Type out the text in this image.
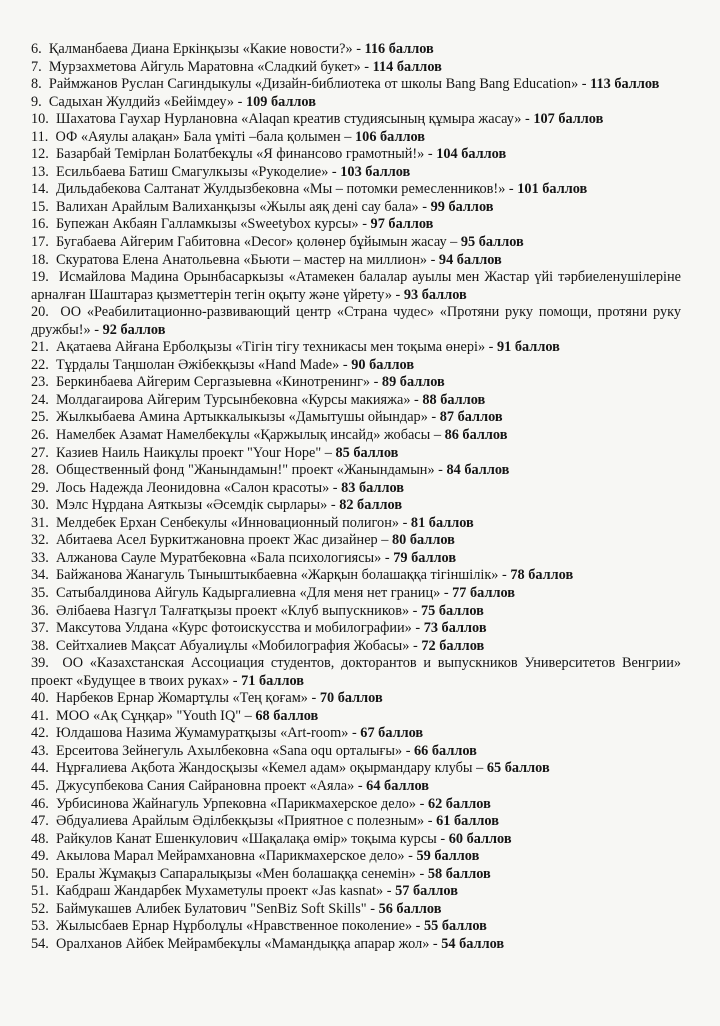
6. Қалманбаева Диана Еркінқызы «Какие новости?» - 116 баллов
7. Мурзахметова Айгуль Маратовна «Сладкий букет» - 114 баллов
8. Раймжанов Руслан Сагиндыкулы «Дизайн-библиотека от школы Bang Bang Education» - 113 баллов
9. Садыхан Жулдийз «Бейімдеу» - 109 баллов
10. Шахатова Гаухар Нурлановна «Alaqan креатив студиясының құмыра жасау» - 107 баллов
11. ОФ «Аяулы алақан» Бала үміті –бала қолымен – 106 баллов
12. Базарбай Темірлан Болатбекұлы «Я финансово грамотный!» - 104 баллов
13. Есильбаева Батиш Смагулкызы «Рукоделие» - 103 баллов
14. Дильдабекова Салтанат Жулдызбековна «Мы – потомки ремесленников!» - 101 баллов
15. Валихан Арайлым Валиханқызы «Жылы аяқ дені сау бала» - 99 баллов
16. Бупежан Акбаян Галламкызы «Sweetybox курсы» - 97 баллов
17. Бугабаева Айгерим Габитовна «Decor» қолөнер бұйымын жасау – 95 баллов
18. Скуратова Елена Анатольевна «Бьюти – мастер на миллион» - 94 баллов
19. Исмайлова Мадина Орынбасаркызы «Атамекен балалар ауылы мен Жастар үйі тәрбиеленушілеріне арналған Шаштараз қызметтерін тегін оқыту және үйрету» - 93 баллов
20. ОО «Реабилитационно-развивающий центр «Страна чудес» «Протяни руку помощи, протяни руку дружбы!» - 92 баллов
21. Ақатаева Айғана Ерболқызы «Тігін тігу техникасы мен тоқыма өнері» - 91 баллов
22. Тұрдалы Таңшолан Әжібекқызы «Hand Made» - 90 баллов
23. Беркинбаева Айгерим Сергазыевна «Кинотренинг» - 89 баллов
24. Молдагаирова Айгерим Турсынбековна «Курсы макияжа» - 88 баллов
25. Жылкыбаева Амина Артыккалыкызы «Дамытушы ойындар» - 87 баллов
26. Намелбек Азамат Намелбекұлы «Қаржылық инсайд» жобасы – 86 баллов
27. Казиев Наиль Наикұлы проект "Your Hope" – 85 баллов
28. Общественный фонд "Жанындамын!" проект «Жанындамын» - 84 баллов
29. Лось Надежда Леонидовна «Салон красоты» - 83 баллов
30. Мэлс Нұрдана Аяткызы «Әсемдік сырлары» - 82 баллов
31. Мелдебек Ерхан Сенбекулы «Инновационный полигон» - 81 баллов
32. Абитаева Асел Буркитжановна проект Жас дизайнер – 80 баллов
33. Алжанова Сауле Муратбековна «Бала психологиясы» - 79 баллов
34. Байжанова Жанагуль Тыныштыкбаевна «Жарқын болашаққа тігіншілік» - 78 баллов
35. Сатыбалдинова Айгуль Кадыргалиевна «Для меня нет границ» - 77 баллов
36. Әлібаева Назгүл Талғатқызы проект «Клуб выпускников» - 75 баллов
37. Максутова Улдана «Курс фотоискусства и мобилографии» - 73 баллов
38. Сейтхалиев Мақсат Абуалиұлы «Мобилография Жобасы» - 72 баллов
39. ОО «Казахстанская Ассоциация студентов, докторантов и выпускников Университетов Венгрии» проект «Будущее в твоих руках» - 71 баллов
40. Нарбеков Ернар Жомартұлы «Тең қоғам» - 70 баллов
41. МОО «Ақ Сұңқар» "Youth IQ" – 68 баллов
42. Юлдашова Назима Жумамуратқызы «Art-room» - 67 баллов
43. Ерсеитова Зейнегуль Ахылбековна «Sana oqu орталығы» - 66 баллов
44. Нұрғалиева Ақбота Жандосқызы «Кемел адам» оқырмандару клубы – 65 баллов
45. Джусупбекова Сания Сайрановна проект «Аяла» - 64 баллов
46. Урбисинова Жайнагуль Урпековна «Парикмахерское дело» - 62 баллов
47. Әбдуалиева Арайлым Әділбекқызы «Приятное с полезным» - 61 баллов
48. Райкулов Канат Ешенкулович «Шақалақа өмір» тоқыма курсы - 60 баллов
49. Акылова Марал Мейрамхановна «Парикмахерское дело» - 59 баллов
50. Ералы Жұмақыз Сапаралықызы «Мен болашаққа сенемін» - 58 баллов
51. Кабдраш Жандарбек Мухаметулы проект «Jas kasnat» - 57 баллов
52. Баймукашев Алибек Булатович "SenBiz Soft Skills" - 56 баллов
53. Жылысбаев Ернар Нұрболұлы «Нравственное поколение» - 55 баллов
54. Оралханов Айбек Мейрамбекұлы «Мамандыққа апарар жол» - 54 баллов
